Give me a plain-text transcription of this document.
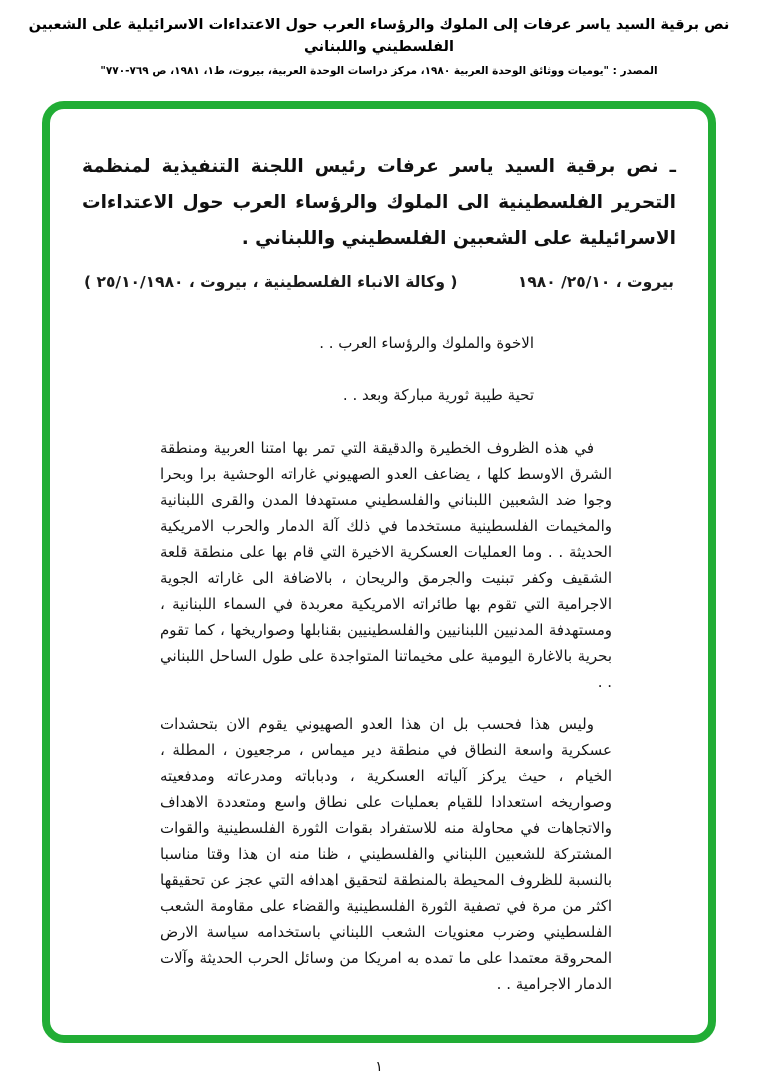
نص برقية السيد ياسر عرفات إلى الملوك والرؤساء العرب حول الاعتداءات الاسرائيلية على الشعبين الفلسطيني واللبناني
المصدر : "يوميات ووثائق الوحدة العربية ١٩٨٠، مركز دراسات الوحدة العربية، بيروت، ط١، ١٩٨١، ص ٧٦٩-٧٧٠"
ـ نص برقية السيد ياسر عرفات رئيس اللجنة التنفيذية لمنظمة التحرير الفلسطينية الى الملوك والرؤساء العرب حول الاعتداءات الاسرائيلية على الشعبين الفلسطيني واللبناني .
بيروت ، ٢٥/١٠/ ١٩٨٠
( وكالة الانباء الفلسطينية ، بيروت ، ٢٥/١٠/١٩٨٠ )
الاخوة والملوك والرؤساء العرب . .
تحية طيبة ثورية مباركة وبعد . .

في هذه الظروف الخطيرة والدقيقة التي تمر بها امتنا العربية ومنطقة الشرق الاوسط كلها ، يضاعف العدو الصهيوني غاراته الوحشية برا وبحرا وجوا ضد الشعبين اللبناني والفلسطيني مستهدفا المدن والقرى اللبنانية والمخيمات الفلسطينية مستخدما في ذلك آلة الدمار والحرب الامريكية الحديثة . . وما العمليات العسكرية الاخيرة التي قام بها على منطقة قلعة الشقيف وكفر تبنيت والجرمق والريحان ، بالاضافة الى غاراته الجوية الاجرامية التي تقوم بها طائراته الامريكية معربدة في السماء اللبنانية ، ومستهدفة المدنيين اللبنانيين والفلسطينيين بقنابلها وصواريخها ، كما تقوم بحرية بالاغارة اليومية على مخيماتنا المتواجدة على طول الساحل اللبناني . .

وليس هذا فحسب بل ان هذا العدو الصهيوني يقوم الان بتحشدات عسكرية واسعة النطاق في منطقة دير ميماس ، مرجعيون ، المطلة ، الخيام ، حيث يركز آلياته العسكرية ، ودباباته ومدرعاته ومدفعيته وصواريخه استعدادا للقيام بعمليات على نطاق واسع ومتعددة الاهداف والاتجاهات في محاولة منه للاستفراد بقوات الثورة الفلسطينية والقوات المشتركة للشعبين اللبناني والفلسطيني ، ظنا منه ان هذا وقتا مناسبا بالنسبة للظروف المحيطة بالمنطقة لتحقيق اهدافه التي عجز عن تحقيقها اكثر من مرة في تصفية الثورة الفلسطينية والقضاء على مقاومة الشعب الفلسطيني وضرب معنويات الشعب اللبناني باستخدامه سياسة الارض المحروقة معتمدا على ما تمده به امريكا من وسائل الحرب الحديثة وآلات الدمار الاجرامية . .

١
